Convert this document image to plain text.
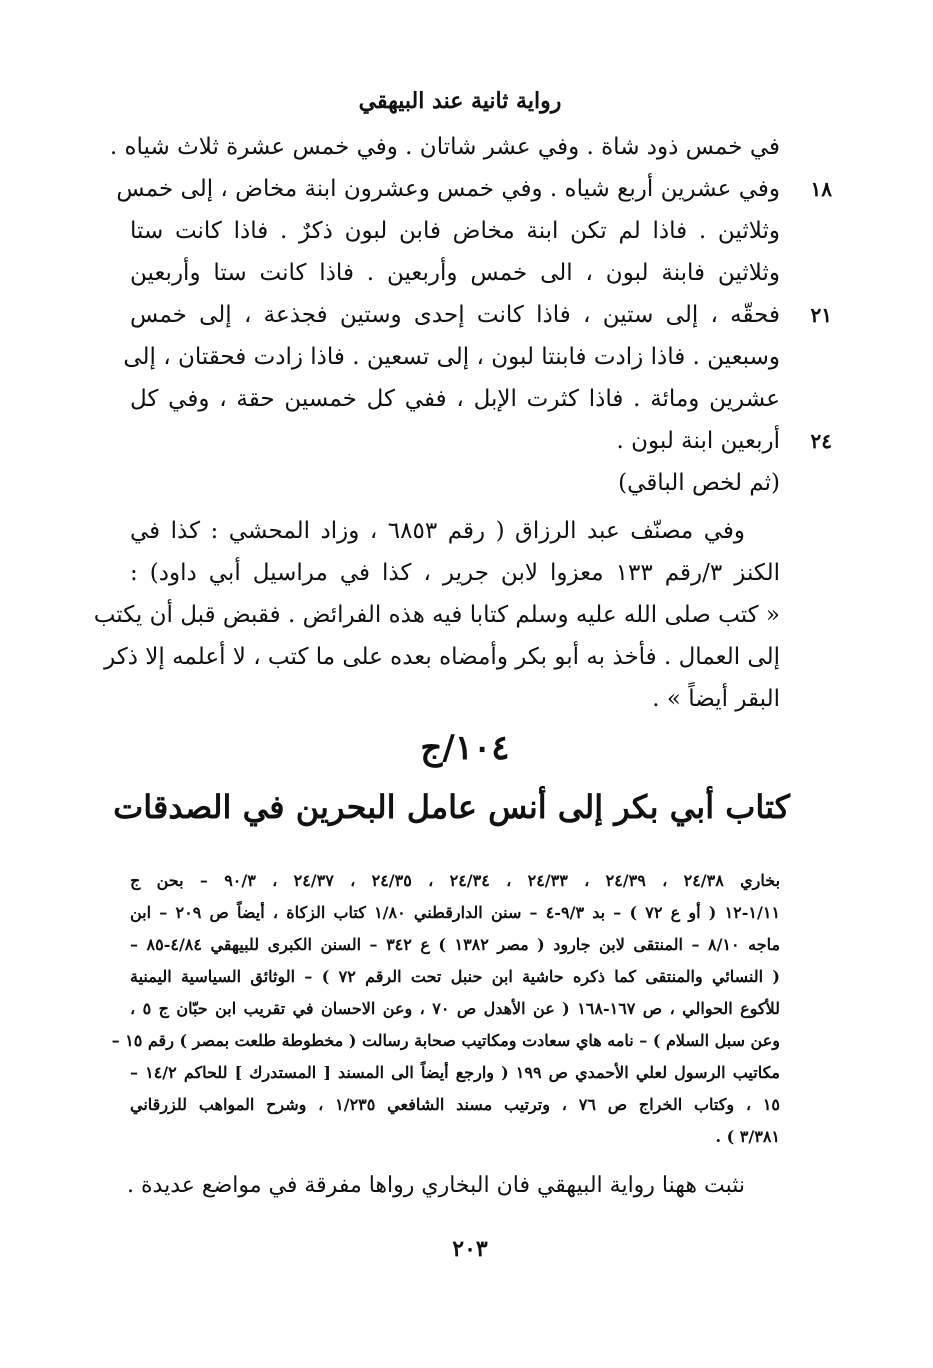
رواية ثانية عند البيهقي
في خمس ذود شاة . وفي عشر شاتان . وفي خمس عشرة ثلاث شياه .
وفي عشرين أربع شياه . وفي خمس وعشرون ابنة مخاض ، إلى خمس
وثلاثين . فاذا لم تكن ابنة مخاض فابن لبون ذكرٌ . فاذا كانت ستا
وثلاثين فابنة لبون ، الى خمس وأربعين . فاذا كانت ستا وأربعين
فحقّه ، إلى ستين ، فاذا كانت إحدى وستين فجذعة ، إلى خمس
وسبعين . فاذا زادت فابنتا لبون ، إلى تسعين . فاذا زادت فحقتان ، إلى
عشرين ومائة . فاذا كثرت الإبل ، ففي كل خمسين حقة ، وفي كل
أربعين ابنة لبون .
(ثم لخص الباقي)
وفي مصنّف عبد الرزاق ( رقم ٦٨٥٣ ، وزاد المحشي : كذا في
الكنز ٣/رقم ١٣٣ معزوا لابن جرير ، كذا في مراسيل أبي داود) :
« كتب صلى الله عليه وسلم كتابا فيه هذه الفرائض . فقبض قبل أن يكتب
إلى العمال . فأخذ به أبو بكر وأمضاه بعده على ما كتب ، لا أعلمه إلا ذكر
البقر أيضاً » .
١٨
٢١
٢٤
١٠٤/ج
كتاب أبي بكر إلى أنس عامل البحرين في الصدقات
بخاري ٢٤/٣٨ ، ٢٤/٣٩ ، ٢٤/٣٣ ، ٢٤/٣٤ ، ٢٤/٣٥ ، ٢٤/٣٧ ، ٩٠/٣ – بحن ج
١/١١-١٢ ( أو ع ٧٢ ) – بد ٩/٣-٤ – سنن الدارقطني ١/٨٠ كتاب الزكاة ، أيضاً ص ٢٠٩ – ابن
ماجه ٨/١٠ – المنتقى لابن جارود ( مصر ١٣٨٢ ) ع ٣٤٢ – السنن الكبرى للبيهقي ٤/٨٤-٨٥ –
( النسائي والمنتقى كما ذكره حاشية ابن حنبل تحت الرقم ٧٢ ) – الوثائق السياسية اليمنية
للأكوع الحوالي ، ص ١٦٧-١٦٨ ( عن الأهدل ص ٧٠ ، وعن الاحسان في تقريب ابن حبّان ج ٥ ،
وعن سبل السلام ) – نامه هاي سعادت ومكاتيب صحابة رسالت ( مخطوطة طلعت بمصر ) رقم ١٥ –
مكاتيب الرسول لعلي الأحمدي ص ١٩٩ ( وارجع أيضاً الى المسند [ المستدرك ] للحاكم ١٤/٢ –
١٥ ، وكتاب الخراج ص ٧٦ ، وترتيب مسند الشافعي ١/٢٣٥ ، وشرح المواهب للزرقاني
٣/٣٨١ ) .
نثبت ههنا رواية البيهقي فان البخاري رواها مفرقة في مواضع عديدة .
٢٠٣
